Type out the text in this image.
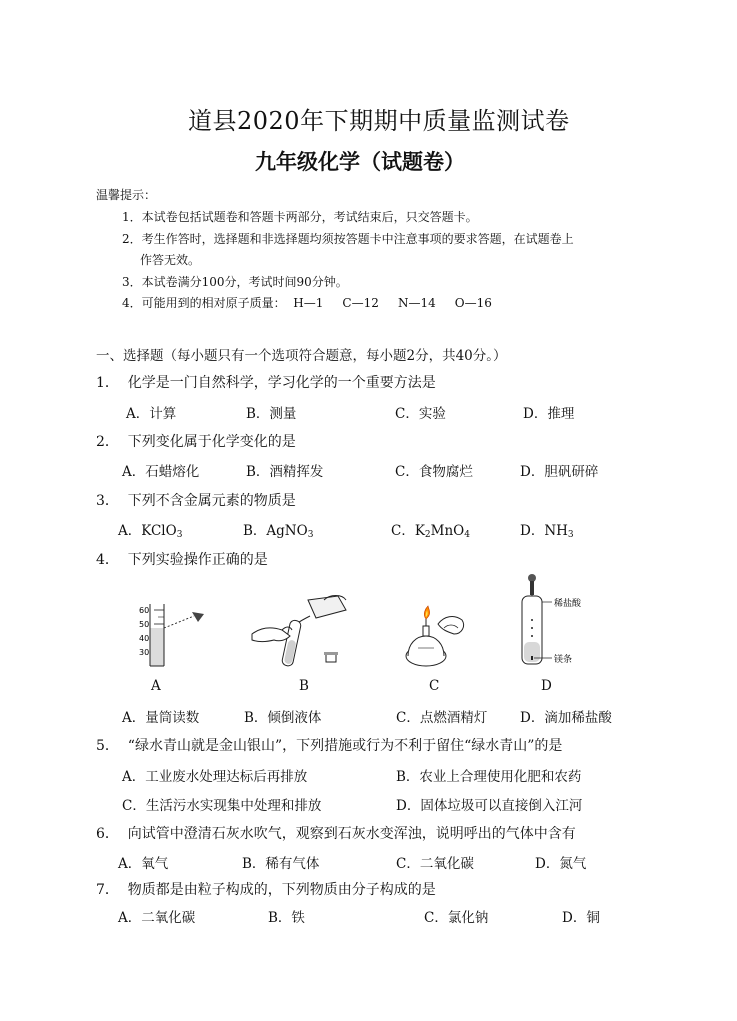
道县2020年下期期中质量监测试卷
九年级化学（试题卷）
温馨提示：
1．本试卷包括试题卷和答题卡两部分，考试结束后，只交答题卡。
2．考生作答时，选择题和非选择题均须按答题卡中注意事项的要求答题，在试题卷上
作答无效。
3．本试卷满分100分，考试时间90分钟。
4．可能用到的相对原子质量：  H—1     C—12     N—14     O—16
一、选择题（每小题只有一个选项符合题意，每小题2分，共40分。）
1．  化学是一门自然科学，学习化学的一个重要方法是
A．计算	B．测量	C．实验	D．推理
2．  下列变化属于化学变化的是
A．石蜡熔化	B．酒精挥发	C．食物腐烂	D．胆矾研碎
3．  下列不含金属元素的物质是
A．KClO$_3$	B．AgNO$_3$	C．$K_2MnO_4$	D．$NH_3$
4．  下列实验操作正确的是
60
50
40
30
稀盐酸
镁条
A	B	C	D
A．量筒读数	B．倾倒液体	C．点燃酒精灯 D．滴加稀盐酸
5．  “绿水青山就是金山银山”，下列措施或行为不利于留住“绿水青山”的是
A．工业废水处理达标后再排放	B．农业上合理使用化肥和农药
C．生活污水实现集中处理和排放	D．固体垃圾可以直接倒入江河
6．  向试管中澄清石灰水吹气，观察到石灰水变浑浊，说明呼出的气体中含有
A．氧气	B．稀有气体	C．二氧化碳	D．氮气
7．  物质都是由粒子构成的，下列物质由分子构成的是
A．二氧化碳	B．铁	C．氯化钠	D．铜
